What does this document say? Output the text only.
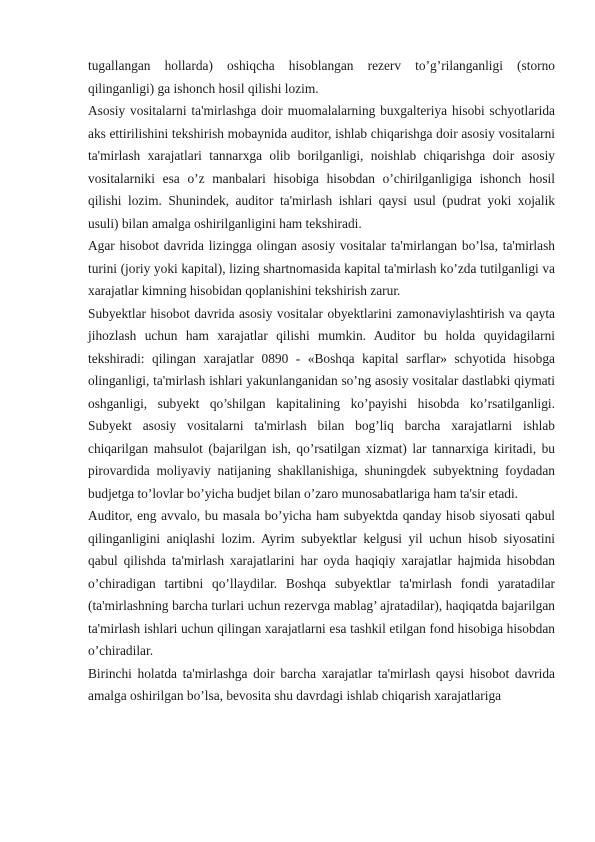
tugallangan hollarda) oshiqcha hisoblangan rezerv to’g’rilanganligi (storno qilinganligi) ga ishonch hosil qilishi lozim.

Asosiy vositalarni ta'mirlashga doir muomalalarning buxgalteriya hisobi schyotlarida aks ettirilishini tekshirish mobaynida auditor, ishlab chiqarishga doir asosiy vositalarni ta'mirlash xarajatlari tannarxga olib borilganligi, noishlab chiqarishga doir asosiy vositalarniki esa o’z manbalari hisobiga hisobdan o’chirilganligiga ishonch hosil qilishi lozim. Shunindek, auditor ta'mirlash ishlari qaysi usul (pudrat yoki xojalik usuli) bilan amalga oshirilganligini ham tekshiradi.

Agar hisobot davrida lizingga olingan asosiy vositalar ta'mirlangan bo’lsa, ta'mirlash turini (joriy yoki kapital), lizing shartnomasida kapital ta'mirlash ko’zda tutilganligi va xarajatlar kimning hisobidan qoplanishini tekshirish zarur.

Subyektlar hisobot davrida asosiy vositalar obyektlarini zamonaviylashtirish va qayta jihozlash uchun ham xarajatlar qilishi mumkin. Auditor bu holda quyidagilarni tekshiradi: qilingan xarajatlar 0890 - «Boshqa kapital sarflar» schyotida hisobga olinganligi, ta'mirlash ishlari yakunlanganidan so’ng asosiy vositalar dastlabki qiymati oshganligi, subyekt qo’shilgan kapitalining ko’payishi hisobda ko’rsatilganligi. Subyekt asosiy vositalarni ta'mirlash bilan bog’liq barcha xarajatlarni ishlab chiqarilgan mahsulot (bajarilgan ish, qo’rsatilgan xizmat) lar tannarxiga kiritadi, bu pirovardida moliyaviy natijaning shakllanishiga, shuningdek subyektning foydadan budjetga to’lovlar bo’yicha budjet bilan o’zaro munosabatlariga ham ta'sir etadi.

Auditor, eng avvalo, bu masala bo’yicha ham subyektda qanday hisob siyosati qabul qilinganligini aniqlashi lozim. Ayrim subyektlar kelgusi yil uchun hisob siyosatini qabul qilishda ta'mirlash xarajatlarini har oyda haqiqiy xarajatlar hajmida hisobdan o’chiradigan tartibni qo’llaydilar. Boshqa subyektlar ta'mirlash fondi yaratadilar (ta'mirlashning barcha turlari uchun rezervga mablag’ ajratadilar), haqiqatda bajarilgan ta'mirlash ishlari uchun qilingan xarajatlarni esa tashkil etilgan fond hisobiga hisobdan o’chiradilar.

Birinchi holatda ta'mirlashga doir barcha xarajatlar ta'mirlash qaysi hisobot davrida amalga oshirilgan bo’lsa, bevosita shu davrdagi ishlab chiqarish xarajatlariga
